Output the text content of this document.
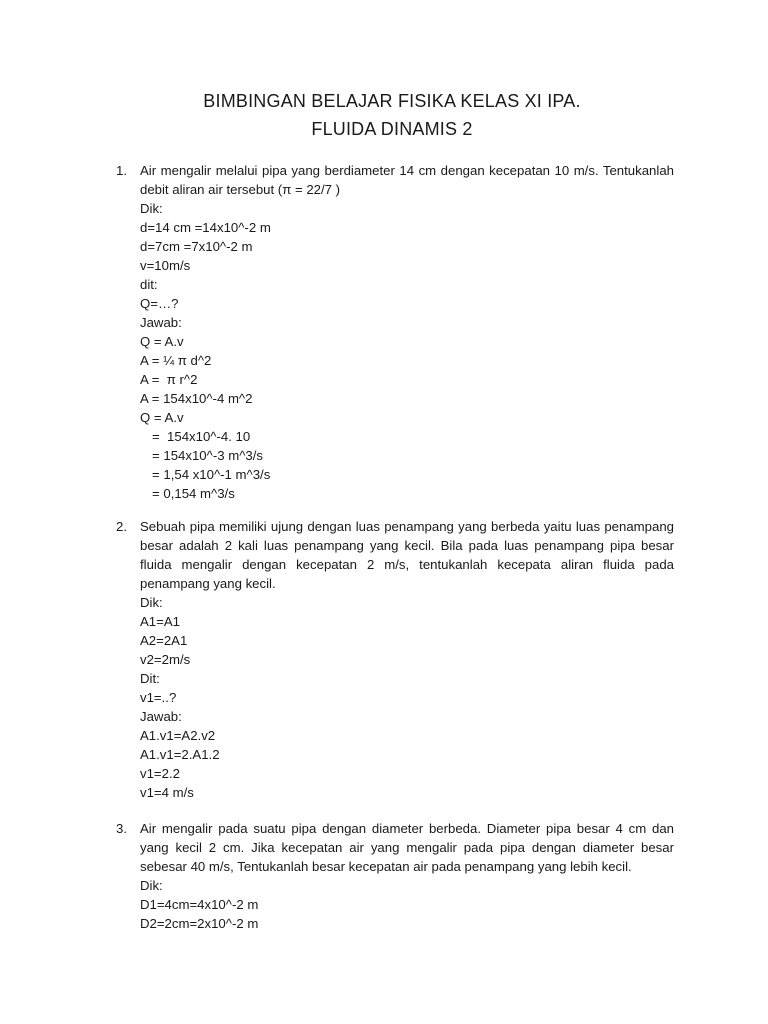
BIMBINGAN BELAJAR FISIKA KELAS XI IPA.
FLUIDA DINAMIS 2
1. Air mengalir melalui pipa yang berdiameter 14 cm dengan kecepatan 10 m/s. Tentukanlah debit aliran air tersebut (π = 22/7 )

Dik:

d=14 cm =14x10^-2 m

d=7cm =7x10^-2 m

v=10m/s

dit:

Q=…?

Jawab:

Q = A.v

A = ¼ π d^2

A =  π r^2

A = 154x10^-4 m^2

Q = A.v

=  154x10^-4. 10

= 154x10^-3 m^3/s

= 1,54 x10^-1 m^3/s

= 0,154 m^3/s

2. Sebuah pipa memiliki ujung dengan luas penampang yang berbeda yaitu luas penampang besar adalah 2 kali luas penampang yang kecil. Bila pada luas penampang pipa besar fluida mengalir dengan kecepatan 2 m/s, tentukanlah kecepata aliran fluida pada penampang yang kecil.

Dik:

A1=A1

A2=2A1

v2=2m/s

Dit:

v1=..?

Jawab:

A1.v1=A2.v2

A1.v1=2.A1.2

v1=2.2

v1=4 m/s

3. Air mengalir pada suatu pipa dengan diameter berbeda. Diameter pipa besar 4 cm dan yang kecil 2 cm. Jika kecepatan air yang mengalir pada pipa dengan diameter besar sebesar 40 m/s, Tentukanlah besar kecepatan air pada penampang yang lebih kecil.

Dik:

D1=4cm=4x10^-2 m

D2=2cm=2x10^-2 m
